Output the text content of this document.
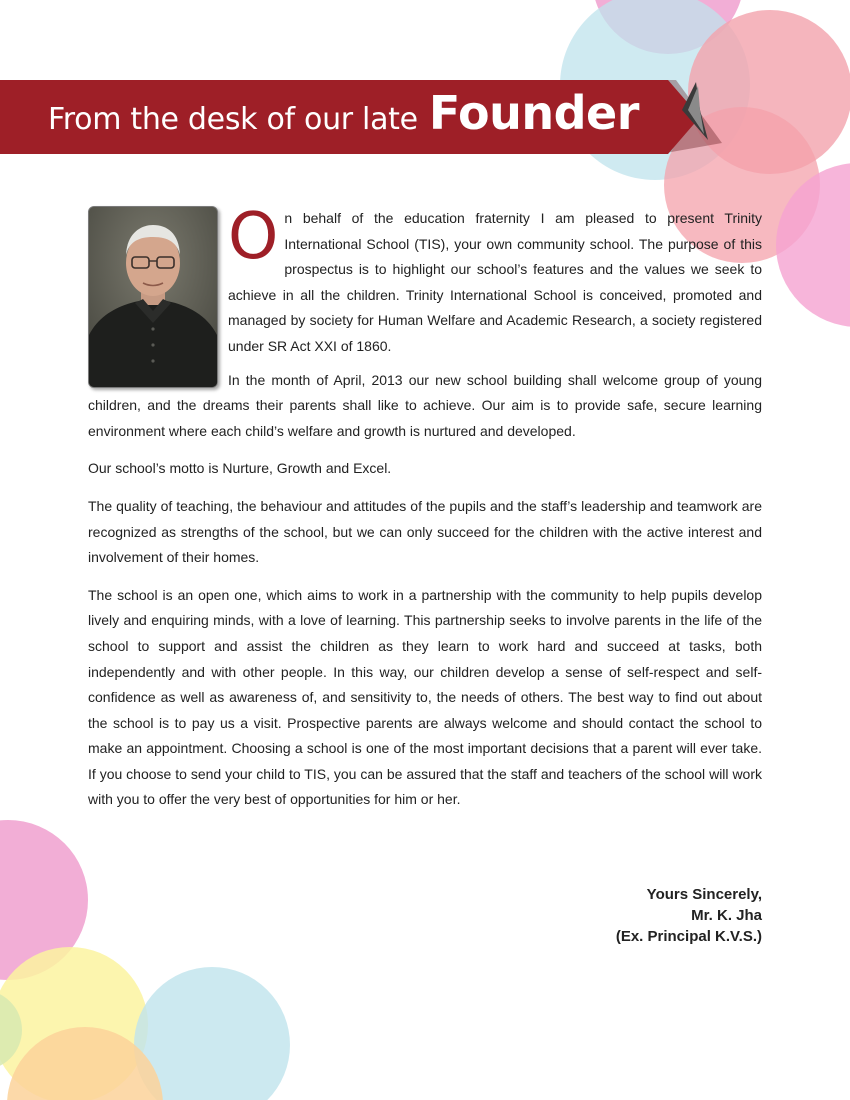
From the desk of our late Founder
O n behalf of the education fraternity I am pleased to present Trinity International School (TIS), your own community school. The purpose of this prospectus is to highlight our school’s features and the values we seek to achieve in all the children. Trinity International School is conceived, promoted and managed by society for Human Welfare and Academic Research, a society registered under SR Act XXI of 1860.

In the month of April, 2013 our new school building shall welcome group of young children, and the dreams their parents shall like to achieve. Our aim is to provide safe, secure learning environment where each child’s welfare and growth is nurtured and developed.

Our school’s motto is Nurture, Growth and Excel.

The quality of teaching, the behaviour and attitudes of the pupils and the staff’s leadership and teamwork are recognized as strengths of the school, but we can only succeed for the children with the active interest and involvement of their homes.

The school is an open one, which aims to work in a partnership with the community to help pupils develop lively and enquiring minds, with a love of learning. This partnership seeks to involve parents in the life of the school to support and assist the children as they learn to work hard and succeed at tasks, both independently and with other people. In this way, our children develop a sense of self-respect and self-confidence as well as awareness of, and sensitivity to, the needs of others. The best way to find out about the school is to pay us a visit. Prospective parents are always welcome and should contact the school to make an appointment. Choosing a school is one of the most important decisions that a parent will ever take. If you choose to send your child to TIS, you can be assured that the staff and teachers of the school will work with you to offer the very best of opportunities for him or her.

Yours Sincerely,
Mr. K. Jha
(Ex. Principal K.V.S.)
